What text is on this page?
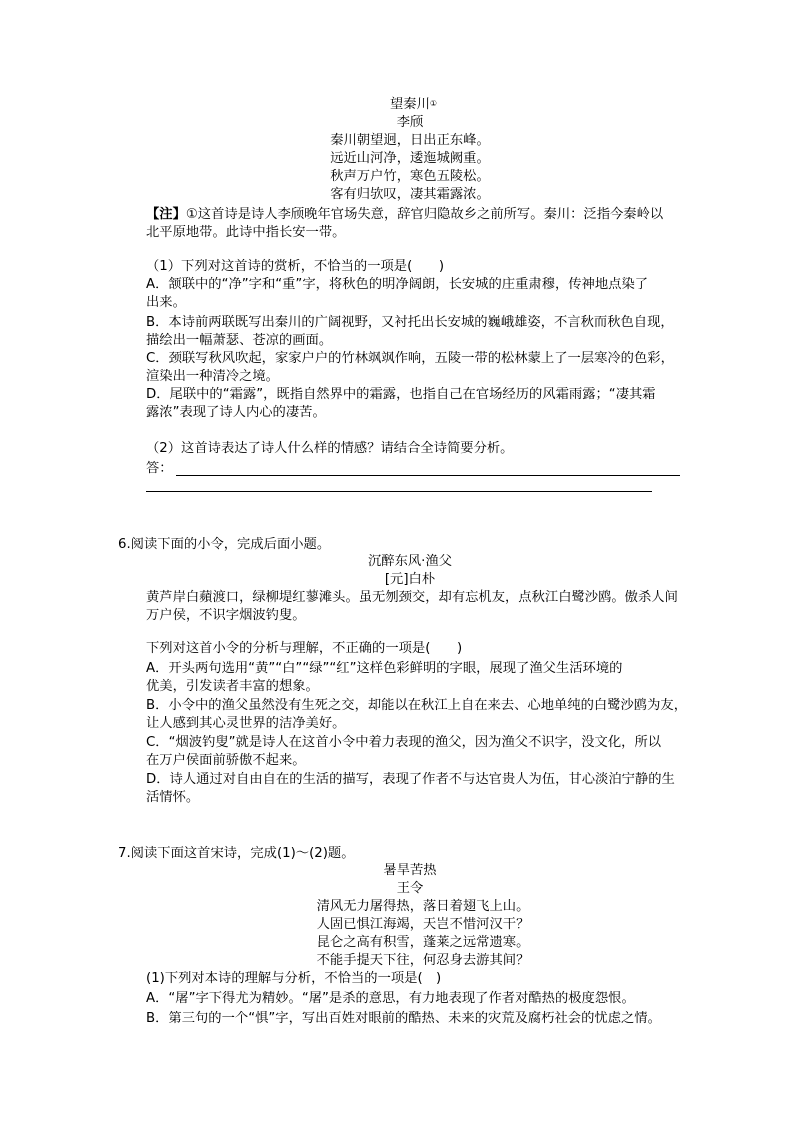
望秦川①
李颀
秦川朝望迥，日出正东峰。
远近山河净，逶迤城阙重。
秋声万户竹，寒色五陵松。
客有归欤叹，凄其霜露浓。
【注】①这首诗是诗人李颀晚年官场失意，辞官归隐故乡之前所写。秦川：泛指今秦岭以
北平原地带。此诗中指长安一带。
（1）下列对这首诗的赏析，不恰当的一项是(　　)
A．颔联中的“净”字和“重”字，将秋色的明净阔朗，长安城的庄重肃穆，传神地点染了
出来。
B．本诗前两联既写出秦川的广阔视野，又衬托出长安城的巍峨雄姿，不言秋而秋色自现，
描绘出一幅萧瑟、苍凉的画面。
C．颈联写秋风吹起，家家户户的竹林飒飒作响，五陵一带的松林蒙上了一层寒冷的色彩，
渲染出一种清冷之境。
D．尾联中的“霜露”，既指自然界中的霜露，也指自己在官场经历的风霜雨露；“凄其霜
露浓”表现了诗人内心的凄苦。
（2）这首诗表达了诗人什么样的情感？请结合全诗简要分析。
答：
6.阅读下面的小令，完成后面小题。
沉醉东风·渔父
[元]白朴
黄芦岸白蘋渡口，绿柳堤红蓼滩头。虽无刎颈交，却有忘机友，点秋江白鹭沙鸥。傲杀人间
万户侯，不识字烟波钓叟。
下列对这首小令的分析与理解，不正确的一项是(　　)
A．开头两句选用“黄”“白”“绿”“红”这样色彩鲜明的字眼，展现了渔父生活环境的
优美，引发读者丰富的想象。
B．小令中的渔父虽然没有生死之交，却能以在秋江上自在来去、心地单纯的白鹭沙鸥为友，
让人感到其心灵世界的洁净美好。
C．“烟波钓叟”就是诗人在这首小令中着力表现的渔父，因为渔父不识字，没文化，所以
在万户侯面前骄傲不起来。
D．诗人通过对自由自在的生活的描写，表现了作者不与达官贵人为伍，甘心淡泊宁静的生
活情怀。
7.阅读下面这首宋诗，完成(1)～(2)题。
暑旱苦热
王令
清风无力屠得热，落日着翅飞上山。
人固已惧江海竭，天岂不惜河汉干？
昆仑之高有积雪，蓬莱之远常遗寒。
不能手提天下往，何忍身去游其间？
(1)下列对本诗的理解与分析，不恰当的一项是(　)
A．“屠”字下得尤为精妙。“屠”是杀的意思，有力地表现了作者对酷热的极度怨恨。
B．第三句的一个“惧”字，写出百姓对眼前的酷热、未来的灾荒及腐朽社会的忧虑之情。
